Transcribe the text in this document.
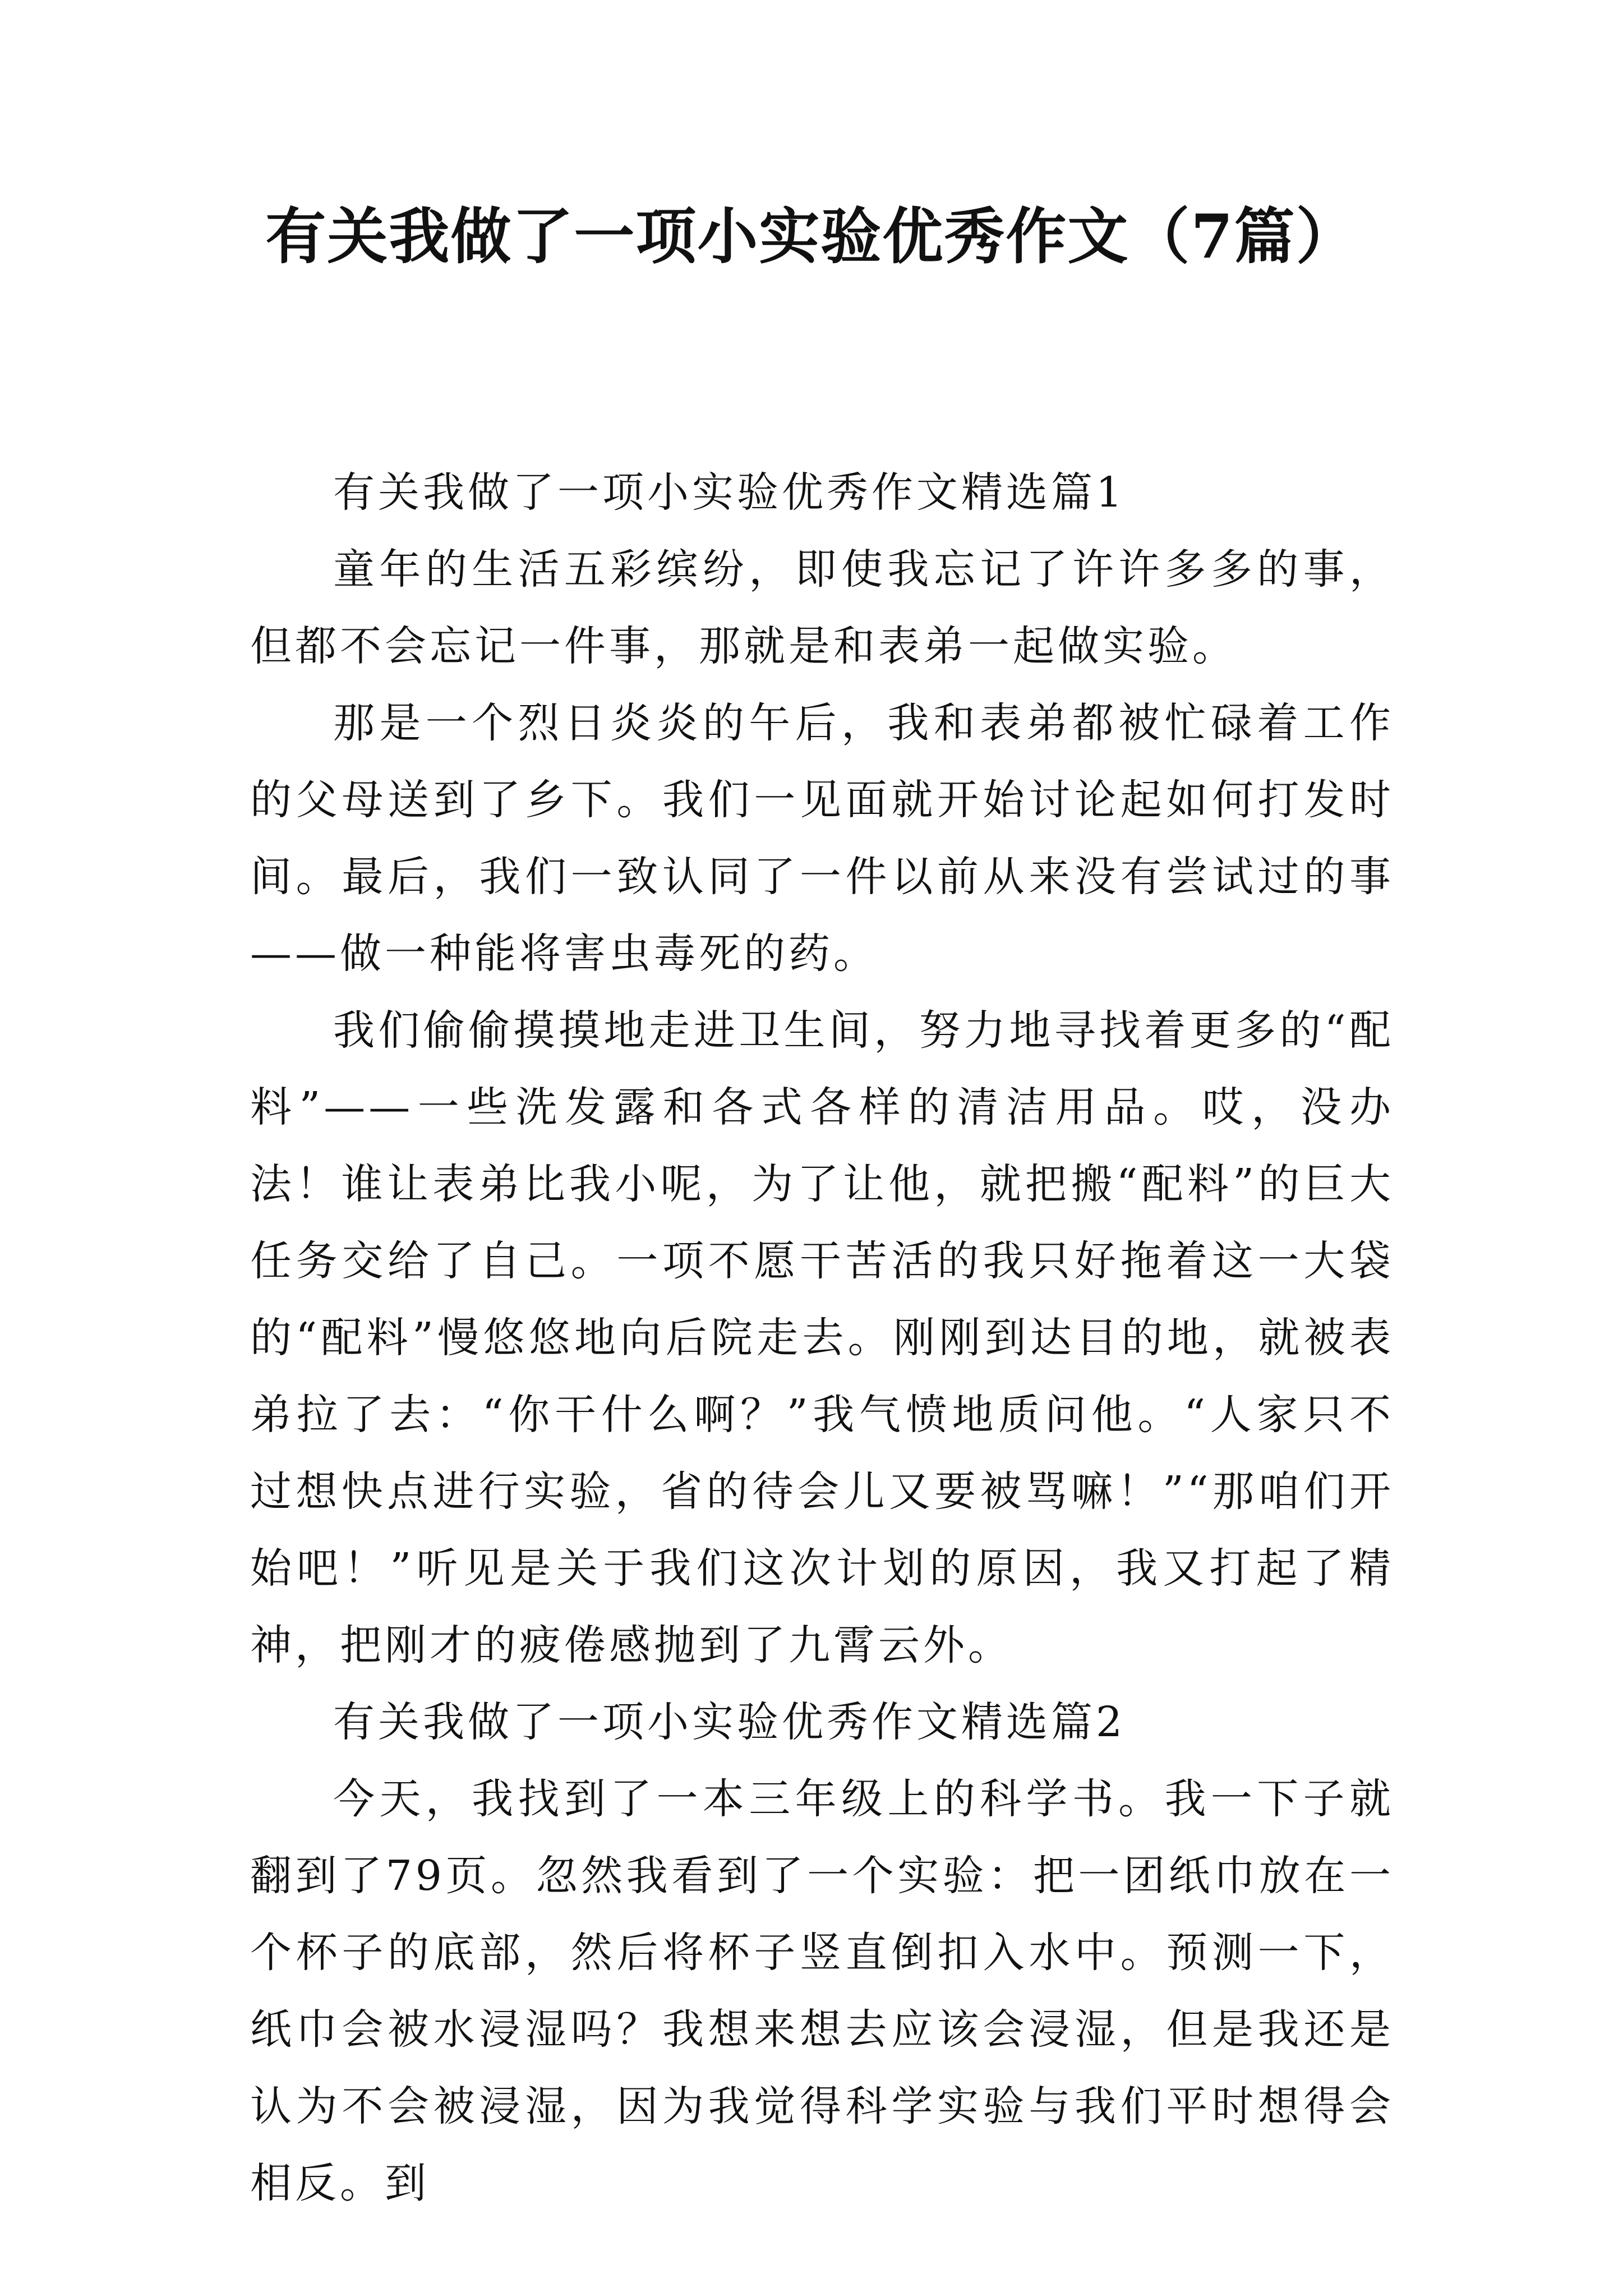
有关我做了一项小实验优秀作文（7篇）

有关我做了一项小实验优秀作文精选篇1

童年的生活五彩缤纷，即使我忘记了许许多多的事，但都不会忘记一件事，那就是和表弟一起做实验。

那是一个烈日炎炎的午后，我和表弟都被忙碌着工作的父母送到了乡下。我们一见面就开始讨论起如何打发时间。最后，我们一致认同了一件以前从来没有尝试过的事——做一种能将害虫毒死的药。

我们偷偷摸摸地走进卫生间，努力地寻找着更多的“配料”——一些洗发露和各式各样的清洁用品。哎，没办法！谁让表弟比我小呢，为了让他，就把搬“配料”的巨大任务交给了自己。一项不愿干苦活的我只好拖着这一大袋的“配料”慢悠悠地向后院走去。刚刚到达目的地，就被表弟拉了去：“你干什么啊？”我气愤地质问他。“人家只不过想快点进行实验，省的待会儿又要被骂嘛！”“那咱们开始吧！”听见是关于我们这次计划的原因，我又打起了精神，把刚才的疲倦感抛到了九霄云外。

有关我做了一项小实验优秀作文精选篇2

今天，我找到了一本三年级上的科学书。我一下子就翻到了79页。忽然我看到了一个实验：把一团纸巾放在一个杯子的底部，然后将杯子竖直倒扣入水中。预测一下，纸巾会被水浸湿吗？我想来想去应该会浸湿，但是我还是认为不会被浸湿，因为我觉得科学实验与我们平时想得会相反。到
